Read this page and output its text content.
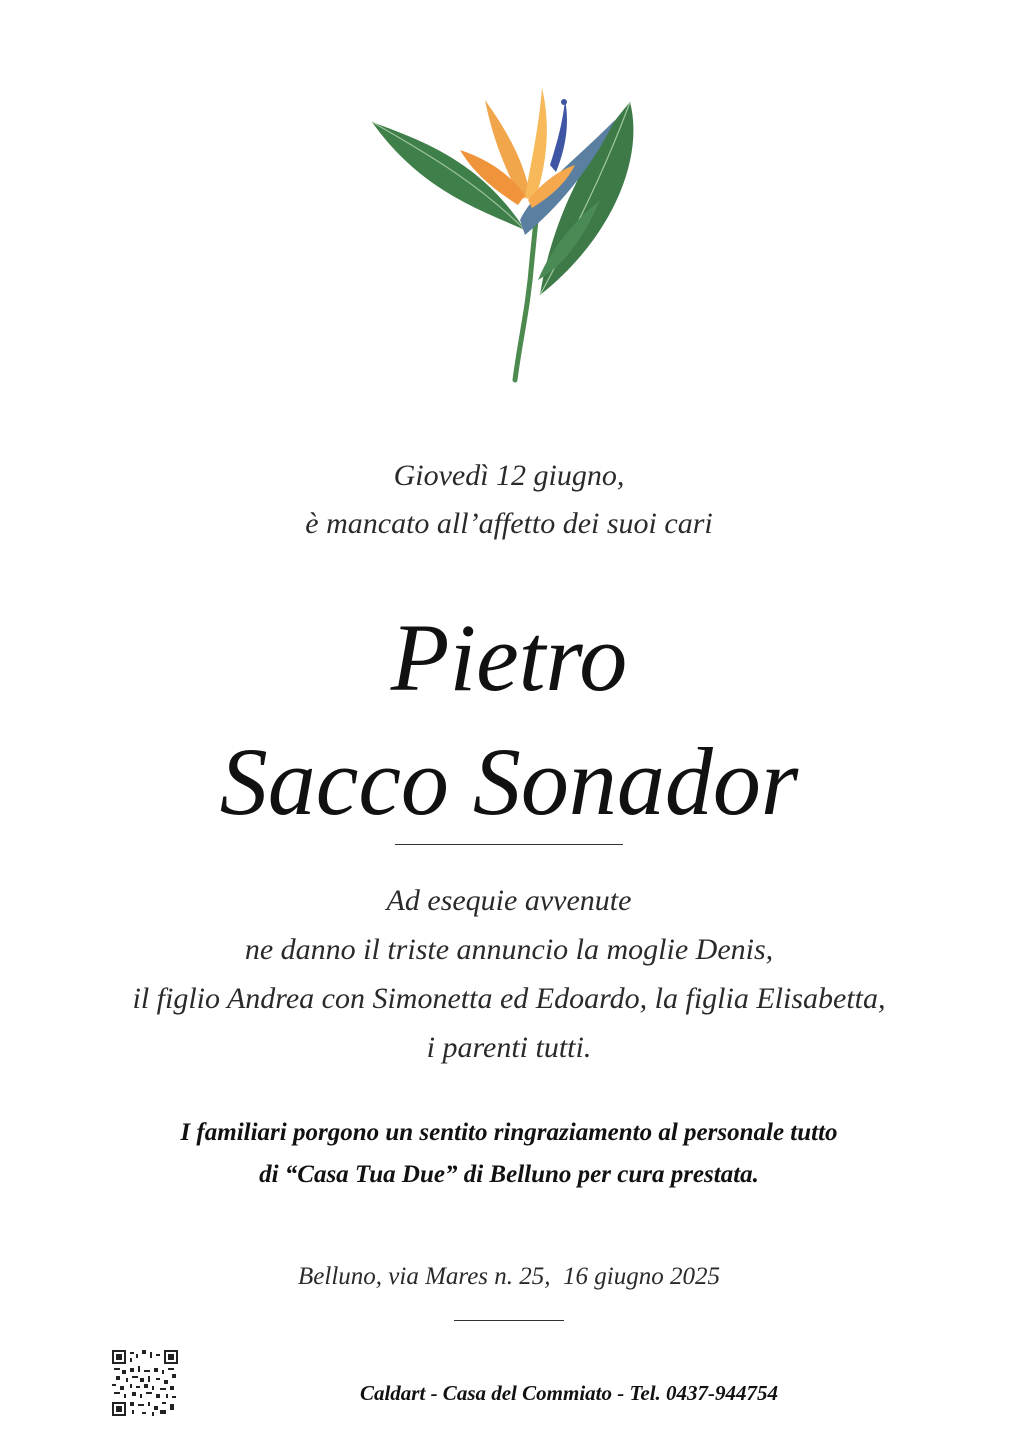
Giovedì 12 giugno,
è mancato all’affetto dei suoi cari
Pietro
Sacco Sonador
Ad esequie avvenute
ne danno il triste annuncio la moglie Denis,
il figlio Andrea con Simonetta ed Edoardo, la figlia Elisabetta,
i parenti tutti.
I familiari porgono un sentito ringraziamento al personale tutto
di “Casa Tua Due” di Belluno per cura prestata.
Belluno, via Mares n. 25,  16 giugno 2025
Caldart - Casa del Commiato - Tel. 0437-944754
